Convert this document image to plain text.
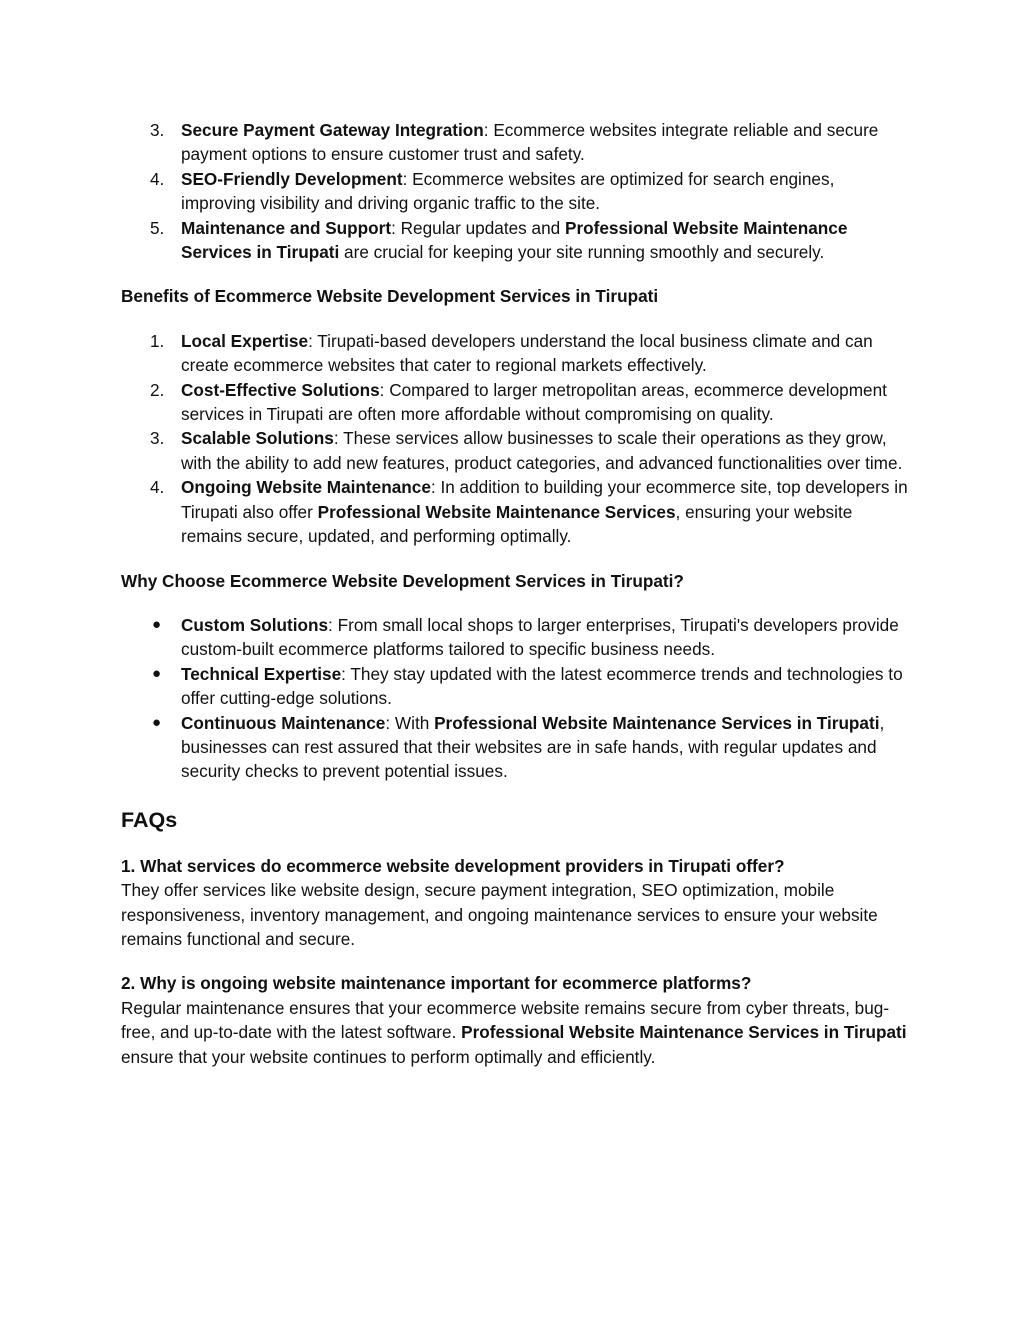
3. Secure Payment Gateway Integration: Ecommerce websites integrate reliable and secure payment options to ensure customer trust and safety.
4. SEO-Friendly Development: Ecommerce websites are optimized for search engines, improving visibility and driving organic traffic to the site.
5. Maintenance and Support: Regular updates and Professional Website Maintenance Services in Tirupati are crucial for keeping your site running smoothly and securely.

Benefits of Ecommerce Website Development Services in Tirupati

1. Local Expertise: Tirupati-based developers understand the local business climate and can create ecommerce websites that cater to regional markets effectively.
2. Cost-Effective Solutions: Compared to larger metropolitan areas, ecommerce development services in Tirupati are often more affordable without compromising on quality.
3. Scalable Solutions: These services allow businesses to scale their operations as they grow, with the ability to add new features, product categories, and advanced functionalities over time.
4. Ongoing Website Maintenance: In addition to building your ecommerce site, top developers in Tirupati also offer Professional Website Maintenance Services, ensuring your website remains secure, updated, and performing optimally.

Why Choose Ecommerce Website Development Services in Tirupati?

● Custom Solutions: From small local shops to larger enterprises, Tirupati's developers provide custom-built ecommerce platforms tailored to specific business needs.
● Technical Expertise: They stay updated with the latest ecommerce trends and technologies to offer cutting-edge solutions.
● Continuous Maintenance: With Professional Website Maintenance Services in Tirupati, businesses can rest assured that their websites are in safe hands, with regular updates and security checks to prevent potential issues.
FAQs

1. What services do ecommerce website development providers in Tirupati offer?

They offer services like website design, secure payment integration, SEO optimization, mobile responsiveness, inventory management, and ongoing maintenance services to ensure your website remains functional and secure.

2. Why is ongoing website maintenance important for ecommerce platforms?

Regular maintenance ensures that your ecommerce website remains secure from cyber threats, bug-free, and up-to-date with the latest software. Professional Website Maintenance Services in Tirupati ensure that your website continues to perform optimally and efficiently.
